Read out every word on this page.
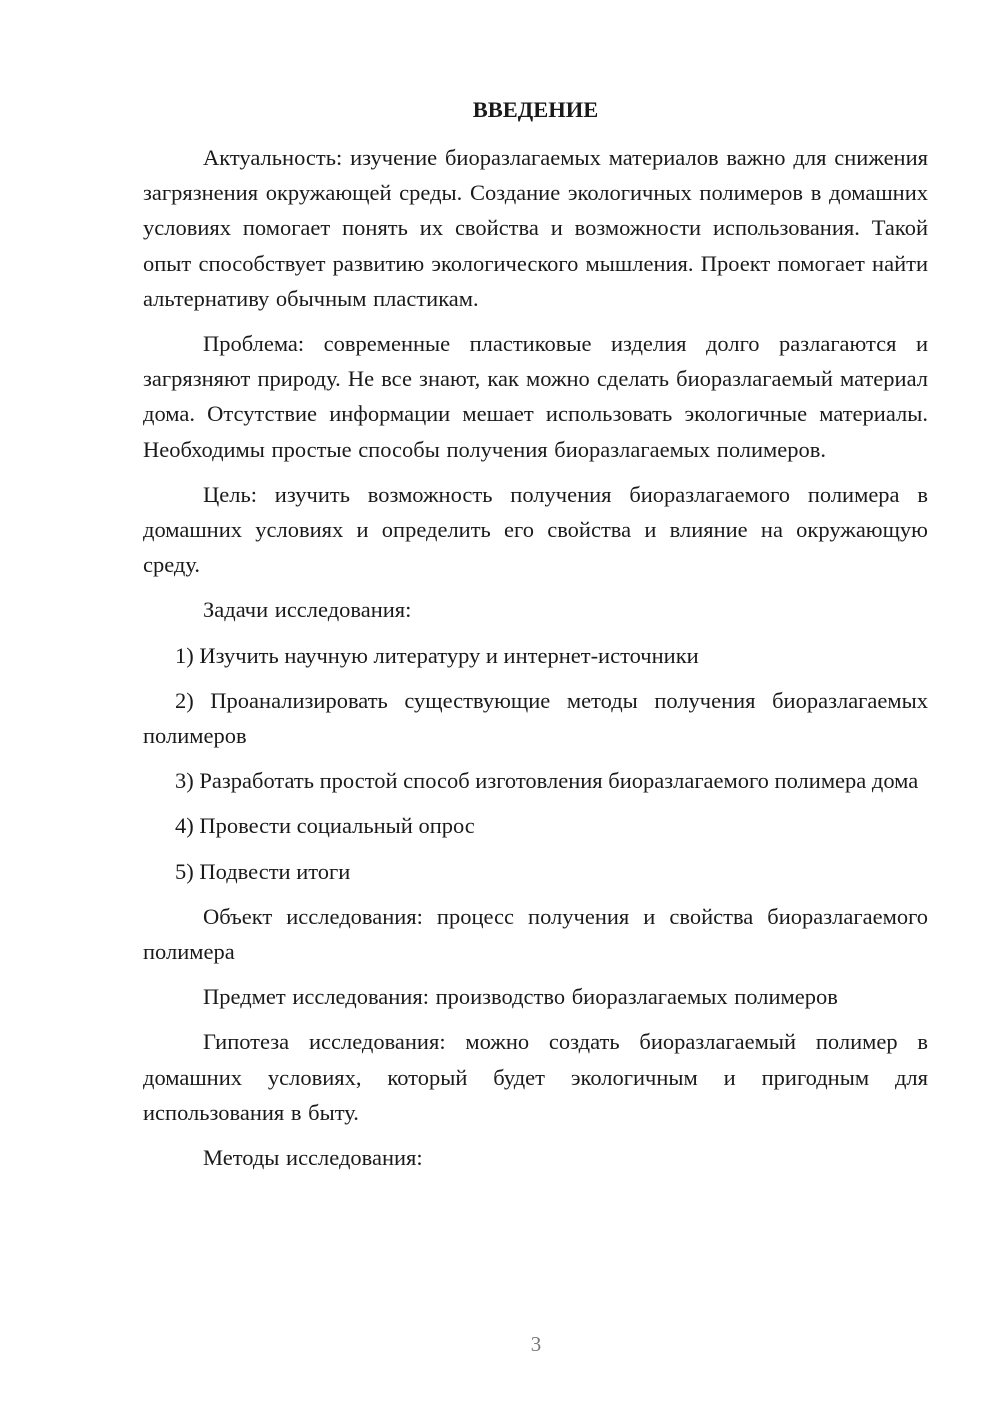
ВВЕДЕНИЕ
Актуальность: изучение биоразлагаемых материалов важно для снижения загрязнения окружающей среды. Создание экологичных полимеров в домашних условиях помогает понять их свойства и возможности использования. Такой опыт способствует развитию экологического мышления. Проект помогает найти альтернативу обычным пластикам.
Проблема: современные пластиковые изделия долго разлагаются и загрязняют природу. Не все знают, как можно сделать биоразлагаемый материал дома. Отсутствие информации мешает использовать экологичные материалы. Необходимы простые способы получения биоразлагаемых полимеров.
Цель: изучить возможность получения биоразлагаемого полимера в домашних условиях и определить его свойства и влияние на окружающую среду.
Задачи исследования:
1) Изучить научную литературу и интернет-источники
2) Проанализировать существующие методы получения биоразлагаемых полимеров
3) Разработать простой способ изготовления биоразлагаемого полимера дома
4) Провести социальный опрос
5) Подвести итоги
Объект исследования: процесс получения и свойства биоразлагаемого полимера
Предмет исследования: производство биоразлагаемых полимеров
Гипотеза исследования: можно создать биоразлагаемый полимер в домашних условиях, который будет экологичным и пригодным для использования в быту.
Методы исследования:
3
